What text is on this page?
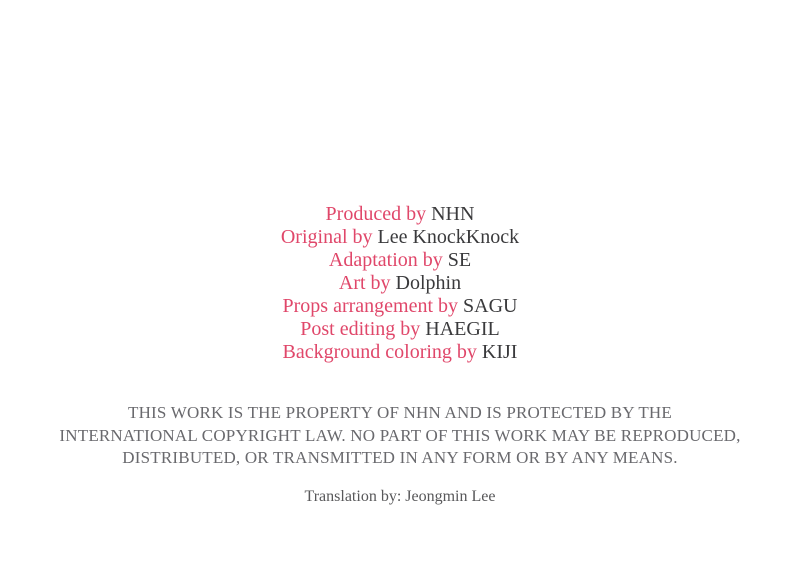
Produced by NHN
Original by Lee KnockKnock
Adaptation by SE
Art by Dolphin
Props arrangement by SAGU
Post editing by HAEGIL
Background coloring by KIJI
THIS WORK IS THE PROPERTY OF NHN AND IS PROTECTED BY THE
INTERNATIONAL COPYRIGHT LAW. NO PART OF THIS WORK MAY BE REPRODUCED,
DISTRIBUTED, OR TRANSMITTED IN ANY FORM OR BY ANY MEANS.
Translation by: Jeongmin Lee
